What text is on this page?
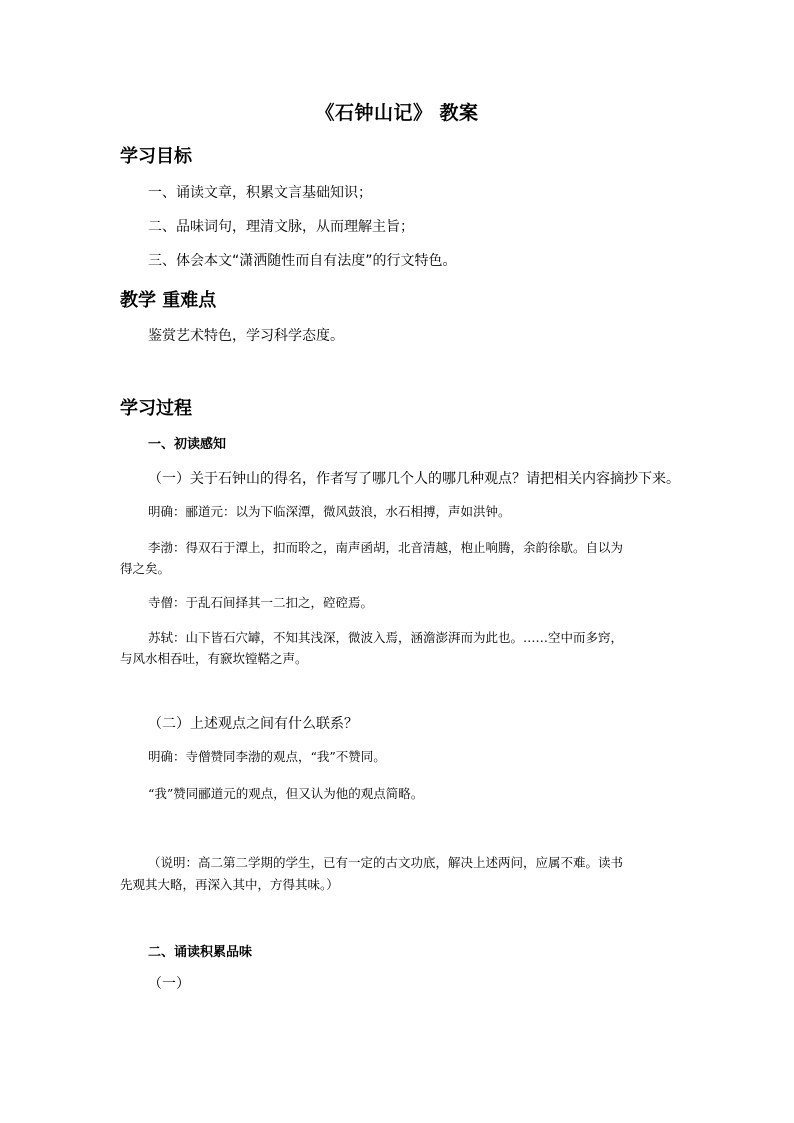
《石钟山记》 教案
学习目标
一、诵读文章，积累文言基础知识；
二、品味词句，理清文脉，从而理解主旨；
三、体会本文“潇洒随性而自有法度”的行文特色。
教学 重难点
鉴赏艺术特色，学习科学态度。
学习过程
一、初读感知
（一）关于石钟山的得名，作者写了哪几个人的哪几种观点？请把相关内容摘抄下来。
明确：郦道元：以为下临深潭，微风鼓浪，水石相搏，声如洪钟。
李渤：得双石于潭上，扣而聆之，南声函胡，北音清越，枹止响腾，余韵徐歇。自以为
得之矣。
寺僧：于乱石间择其一二扣之，硿硿焉。
苏轼：山下皆石穴罅，不知其浅深，微波入焉，涵澹澎湃而为此也。……空中而多窍，
与风水相吞吐，有窾坎镗鞳之声。
（二）上述观点之间有什么联系？
明确：寺僧赞同李渤的观点，“我”不赞同。
“我”赞同郦道元的观点，但又认为他的观点简略。
（说明：高二第二学期的学生，已有一定的古文功底，解决上述两问，应属不难。读书
先观其大略，再深入其中，方得其味。）
二、诵读积累品味
（一）
